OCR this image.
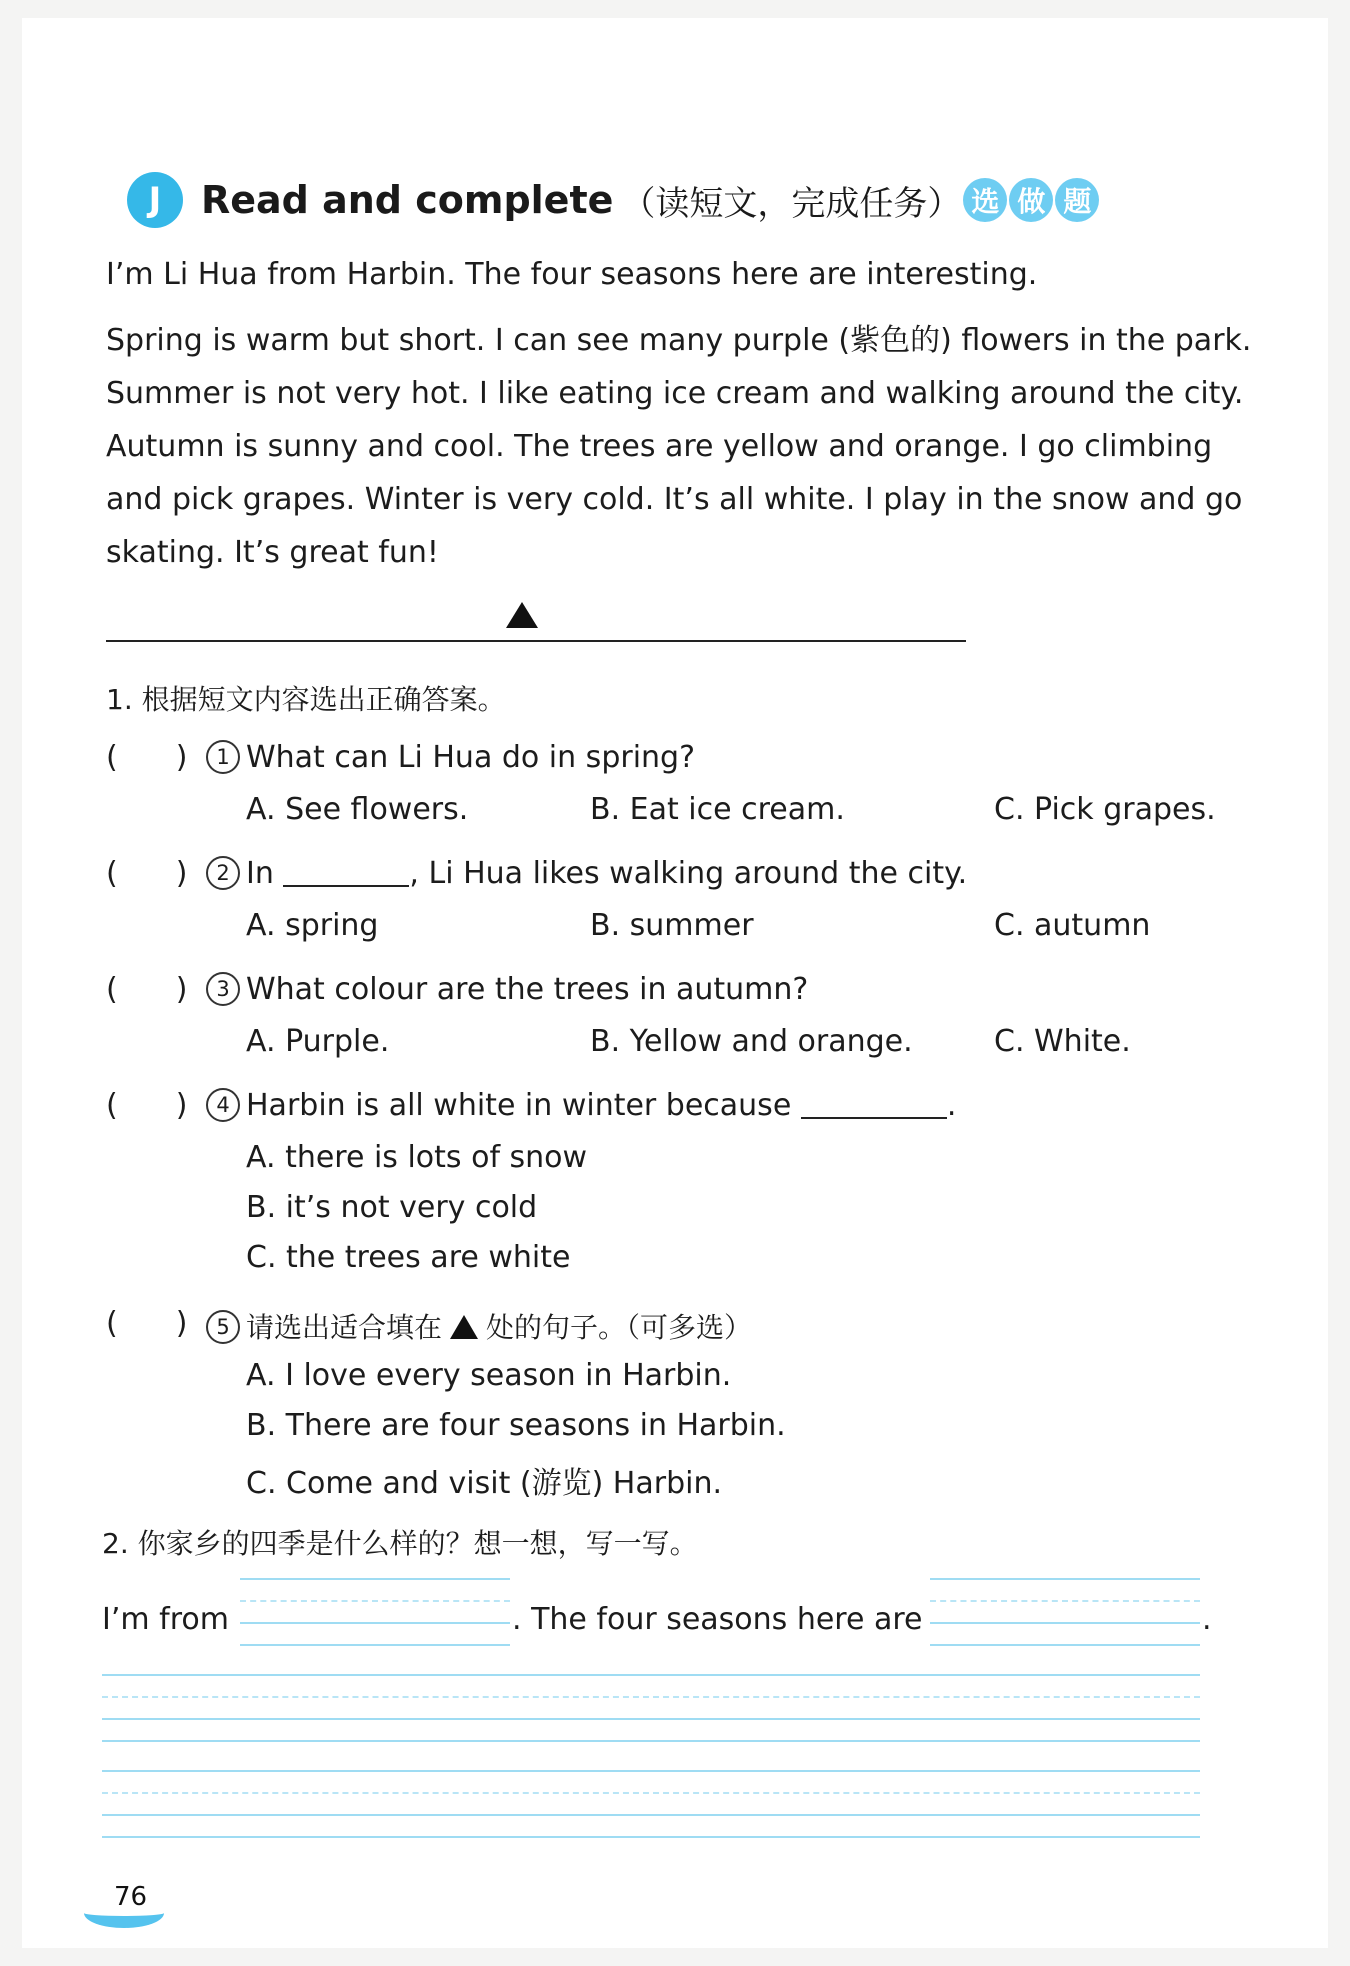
J	Read and complete （读短文，完成任务） 选 做 题
I’m Li Hua from Harbin. The four seasons here are interesting.
Spring is warm but short. I can see many purple (紫色的) flowers in the park.
Summer is not very hot. I like eating ice cream and walking around the city.
Autumn is sunny and cool. The trees are yellow and orange. I go climbing
and pick grapes. Winter is very cold. It’s all white. I play in the snow and go
skating. It’s great fun!
1. 根据短文内容选出正确答案。
( )	1 What can Li Hua do in spring?
A. See flowers.	B. Eat ice cream.	C. Pick grapes.
( )	2 In	, Li Hua likes walking around the city.
A. spring	B. summer	C. autumn
( )	3 What colour are the trees in autumn?
A. Purple.	B. Yellow and orange.	C. White.
( )	4 Harbin is all white in winter because	.
A. there is lots of snow
B. it’s not very cold
C. the trees are white
( )	5 请选出适合填在 处的句子。（可多选）
A. I love every season in Harbin.
B. There are four seasons in Harbin.
C. Come and visit (游览) Harbin.
2. 你家乡的四季是什么样的？想一想，写一写。
I’m from	. The four seasons here are	.
76
